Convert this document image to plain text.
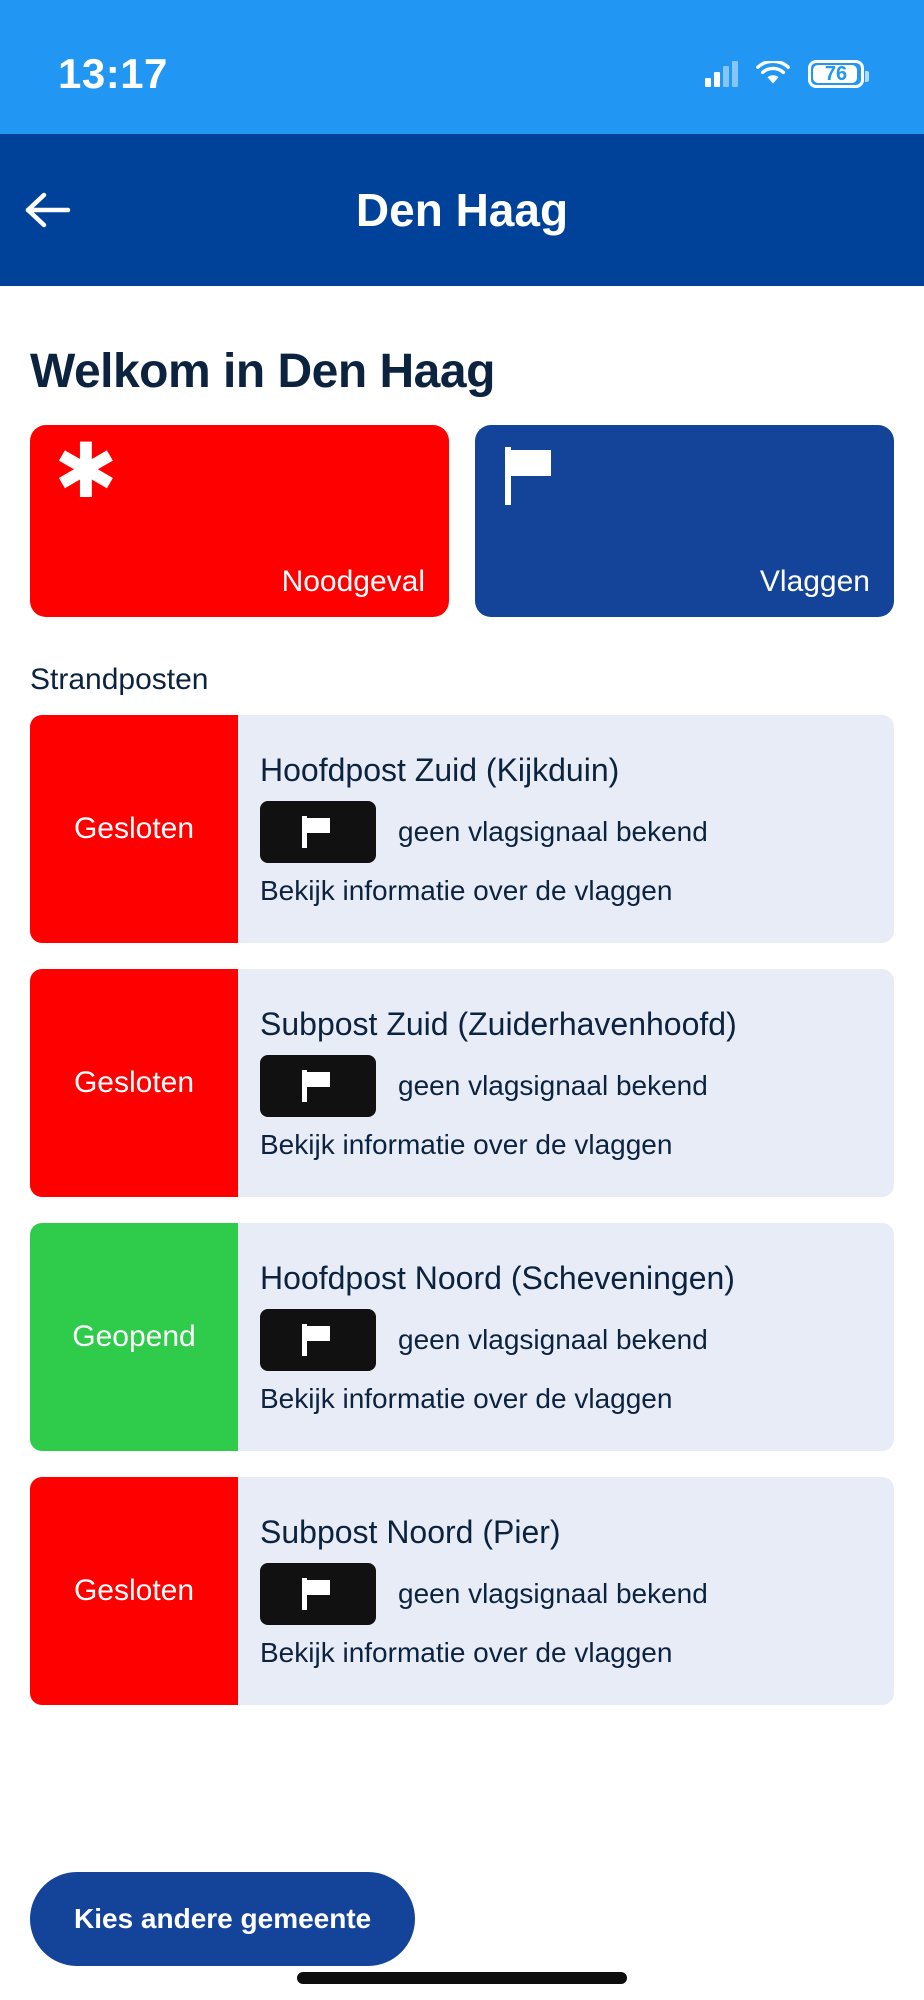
13:17	76
Den Haag
Welkom in Den Haag
✱
Noodgeval	Vlaggen
Strandposten
Gesloten
Hoofdpost Zuid (Kijkduin)
geen vlagsignaal bekend
Bekijk informatie over de vlaggen
Gesloten
Subpost Zuid (Zuiderhavenhoofd)
geen vlagsignaal bekend
Bekijk informatie over de vlaggen
Geopend
Hoofdpost Noord (Scheveningen)
geen vlagsignaal bekend
Bekijk informatie over de vlaggen
Gesloten
Subpost Noord (Pier)
geen vlagsignaal bekend
Bekijk informatie over de vlaggen
Kies andere gemeente
